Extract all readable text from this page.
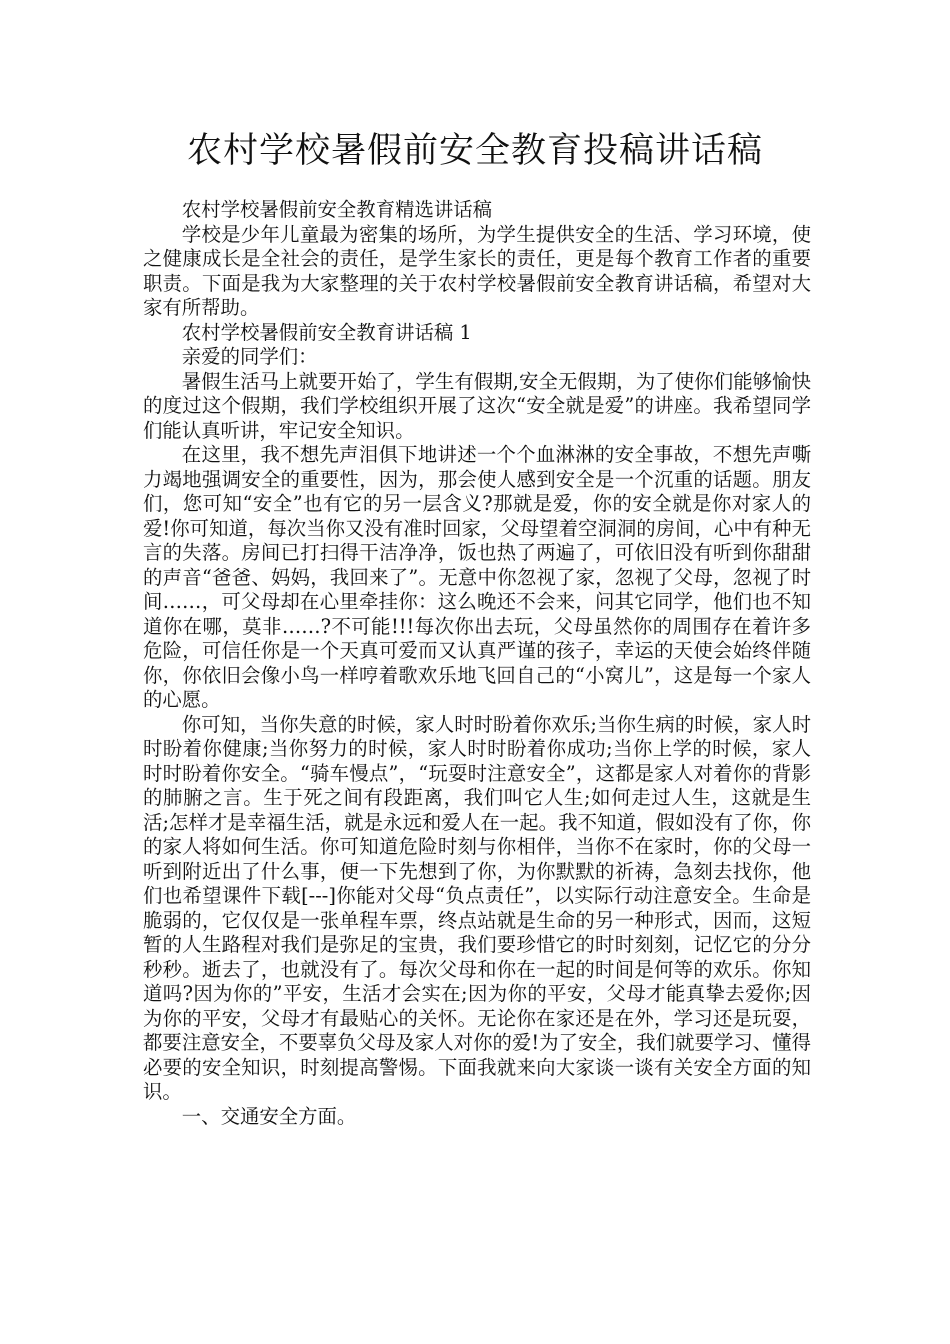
农村学校暑假前安全教育投稿讲话稿

农村学校暑假前安全教育精选讲话稿

学校是少年儿童最为密集的场所，为学生提供安全的生活、学习环境，使之健康成长是全社会的责任，是学生家长的责任，更是每个教育工作者的重要职责。下面是我为大家整理的关于农村学校暑假前安全教育讲话稿，希望对大家有所帮助。

农村学校暑假前安全教育讲话稿 1

亲爱的同学们：

暑假生活马上就要开始了，学生有假期,安全无假期，为了使你们能够愉快的度过这个假期，我们学校组织开展了这次“安全就是爱”的讲座。我希望同学们能认真听讲，牢记安全知识。

在这里，我不想先声泪俱下地讲述一个个血淋淋的安全事故，不想先声嘶力竭地强调安全的重要性，因为，那会使人感到安全是一个沉重的话题。朋友们，您可知“安全”也有它的另一层含义?那就是爱，你的安全就是你对家人的爱!你可知道，每次当你又没有准时回家，父母望着空洞洞的房间，心中有种无言的失落。房间已打扫得干洁净净，饭也热了两遍了，可依旧没有听到你甜甜的声音“爸爸、妈妈，我回来了”。无意中你忽视了家，忽视了父母，忽视了时间……，可父母却在心里牵挂你：这么晚还不会来，问其它同学，他们也不知道你在哪，莫非……?不可能!!!每次你出去玩，父母虽然你的周围存在着许多危险，可信任你是一个天真可爱而又认真严谨的孩子，幸运的天使会始终伴随你，你依旧会像小鸟一样哼着歌欢乐地飞回自己的“小窝儿”，这是每一个家人的心愿。

你可知，当你失意的时候，家人时时盼着你欢乐;当你生病的时候，家人时时盼着你健康;当你努力的时候，家人时时盼着你成功;当你上学的时候，家人时时盼着你安全。“骑车慢点”，“玩耍时注意安全”，这都是家人对着你的背影的肺腑之言。生于死之间有段距离，我们叫它人生;如何走过人生，这就是生活;怎样才是幸福生活，就是永远和爱人在一起。我不知道，假如没有了你，你的家人将如何生活。你可知道危险时刻与你相伴，当你不在家时，你的父母一听到附近出了什么事，便一下先想到了你，为你默默的祈祷，急刻去找你，他们也希望课件下载[---]你能对父母“负点责任”，以实际行动注意安全。生命是脆弱的，它仅仅是一张单程车票，终点站就是生命的另一种形式，因而，这短暂的人生路程对我们是弥足的宝贵，我们要珍惜它的时时刻刻，记忆它的分分秒秒。逝去了，也就没有了。每次父母和你在一起的时间是何等的欢乐。你知道吗?因为你的”平安，生活才会实在;因为你的平安，父母才能真挚去爱你;因为你的平安，父母才有最贴心的关怀。无论你在家还是在外，学习还是玩耍，都要注意安全，不要辜负父母及家人对你的爱!为了安全，我们就要学习、懂得必要的安全知识，时刻提高警惕。下面我就来向大家谈一谈有关安全方面的知识。

一、交通安全方面。
